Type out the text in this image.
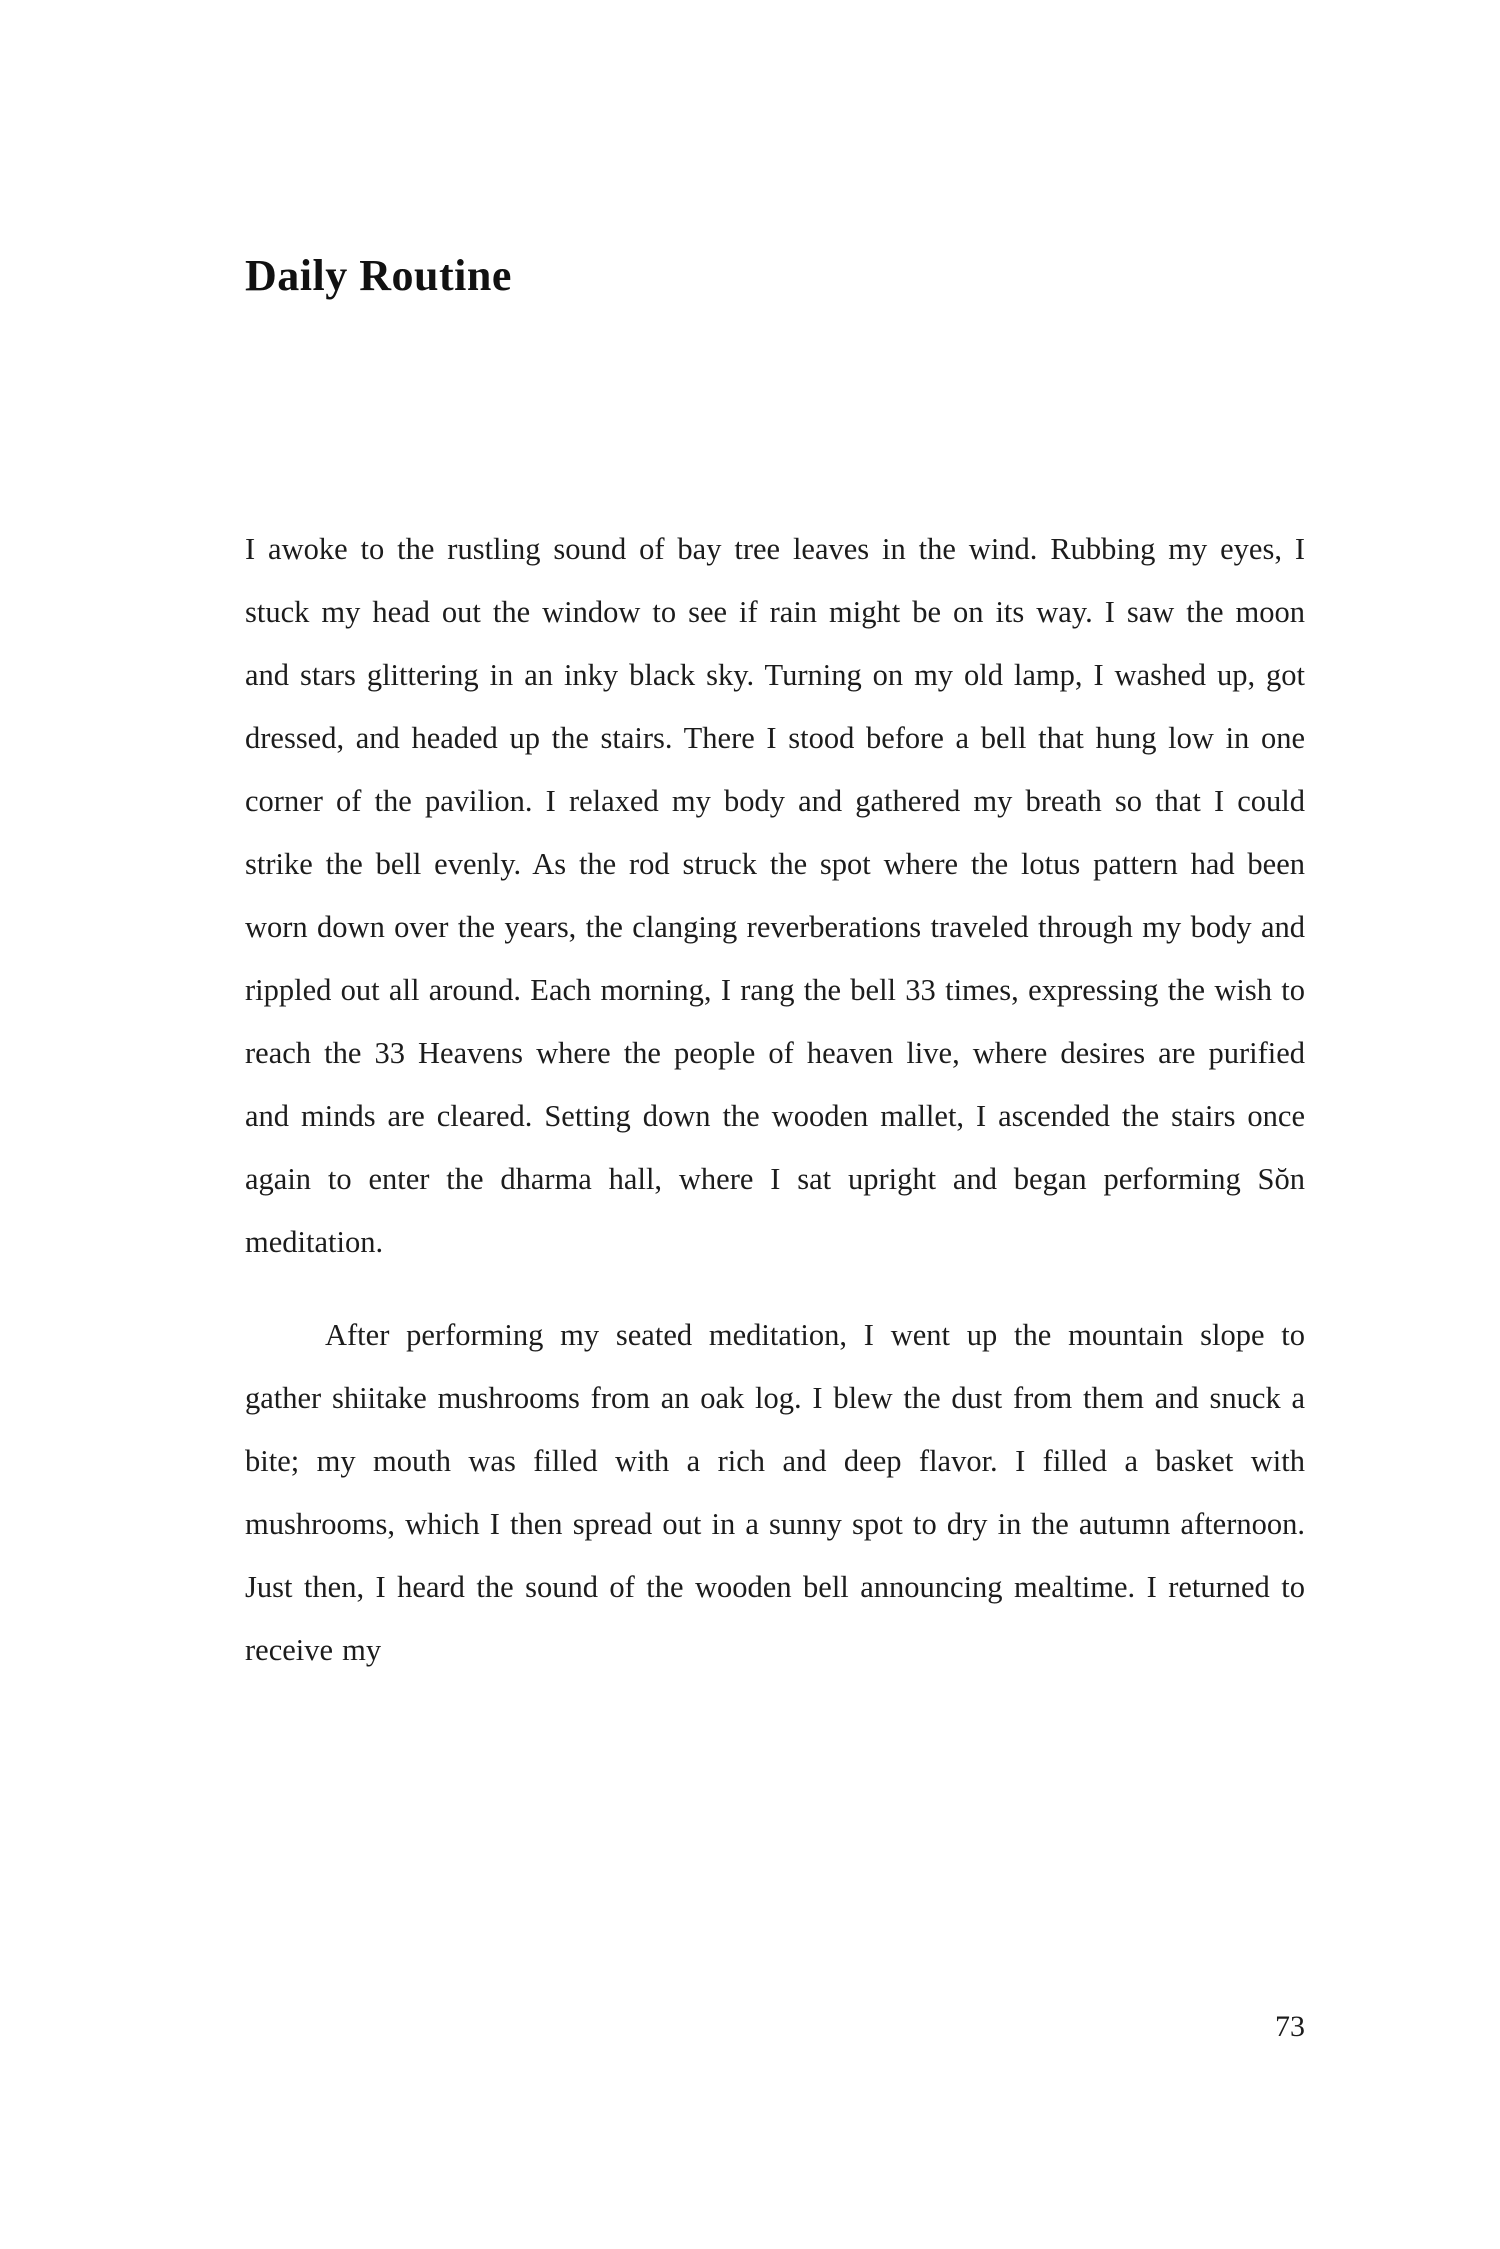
Daily Routine

I awoke to the rustling sound of bay tree leaves in the wind. Rubbing my eyes, I stuck my head out the window to see if rain might be on its way. I saw the moon and stars glittering in an inky black sky. Turning on my old lamp, I washed up, got dressed, and headed up the stairs. There I stood before a bell that hung low in one corner of the pavilion. I relaxed my body and gathered my breath so that I could strike the bell evenly. As the rod struck the spot where the lotus pattern had been worn down over the years, the clanging reverberations traveled through my body and rippled out all around. Each morning, I rang the bell 33 times, expressing the wish to reach the 33 Heavens where the people of heaven live, where desires are purified and minds are cleared. Setting down the wooden mallet, I ascended the stairs once again to enter the dharma hall, where I sat upright and began performing Sŏn meditation.

After performing my seated meditation, I went up the mountain slope to gather shiitake mushrooms from an oak log. I blew the dust from them and snuck a bite; my mouth was filled with a rich and deep flavor. I filled a basket with mushrooms, which I then spread out in a sunny spot to dry in the autumn afternoon. Just then, I heard the sound of the wooden bell announcing mealtime. I returned to receive my

73
